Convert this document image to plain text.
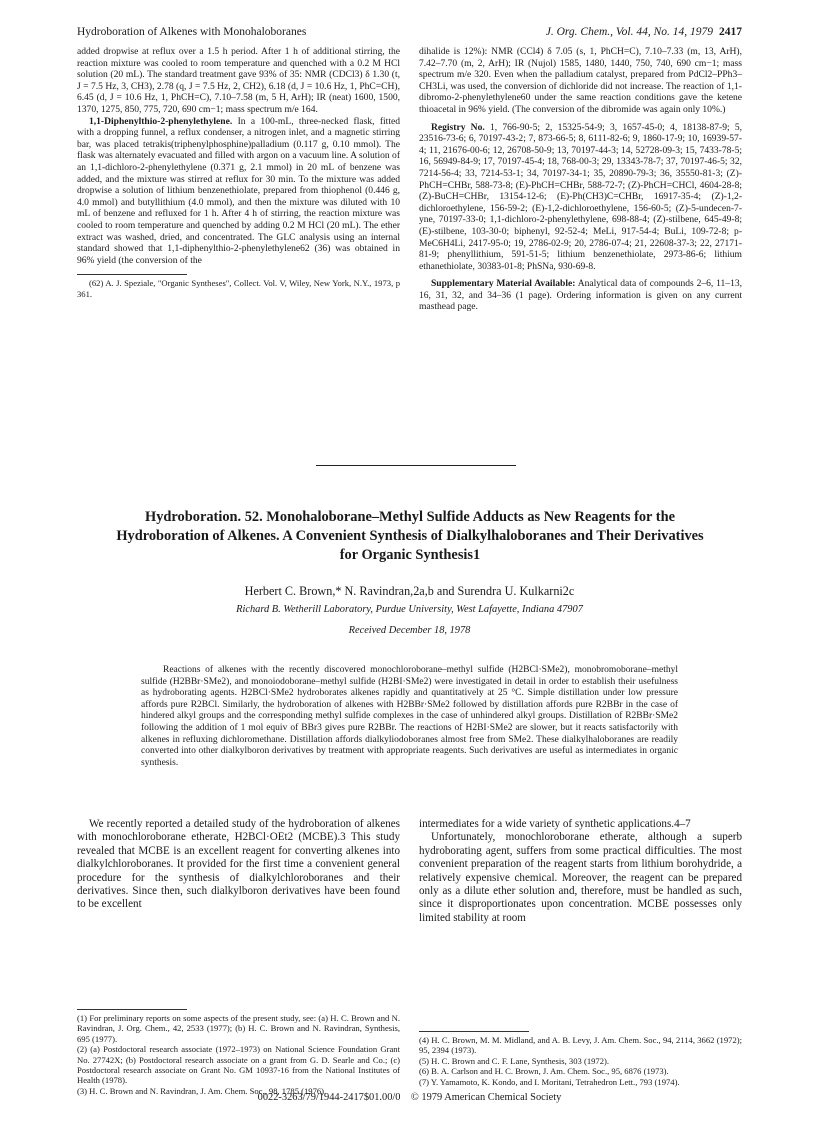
Hydroboration of Alkenes with Monohaloboranes	J. Org. Chem., Vol. 44, No. 14, 1979 2417

added dropwise at reflux over a 1.5 h period. After 1 h of additional stirring, the reaction mixture was cooled to room temperature and quenched with a 0.2 M HCl solution (20 mL). The standard treatment gave 93% of 35: NMR (CDCl3) δ 1.30 (t, J = 7.5 Hz, 3, CH3), 2.78 (q, J = 7.5 Hz, 2, CH2), 6.18 (d, J = 10.6 Hz, 1, PhC=CH), 6.45 (d, J = 10.6 Hz, 1, PhCH=C), 7.10–7.58 (m, 5 H, ArH); IR (neat) 1600, 1500, 1370, 1275, 850, 775, 720, 690 cm−1; mass spectrum m/e 164.

1,1-Diphenylthio-2-phenylethylene. In a 100-mL, three-necked flask, fitted with a dropping funnel, a reflux condenser, a nitrogen inlet, and a magnetic stirring bar, was placed tetrakis(triphenylphosphine)palladium (0.117 g, 0.10 mmol). The flask was alternately evacuated and filled with argon on a vacuum line. A solution of an 1,1-dichloro-2-phenylethylene (0.371 g, 2.1 mmol) in 20 mL of benzene was added, and the mixture was stirred at reflux for 30 min. To the mixture was added dropwise a solution of lithium benzenethiolate, prepared from thiophenol (0.446 g, 4.0 mmol) and butyllithium (4.0 mmol), and then the mixture was diluted with 10 mL of benzene and refluxed for 1 h. After 4 h of stirring, the reaction mixture was cooled to room temperature and quenched by adding 0.2 M HCl (20 mL). The ether extract was washed, dried, and concentrated. The GLC analysis using an internal standard showed that 1,1-diphenylthio-2-phenylethylene62 (36) was obtained in 96% yield (the conversion of the

(62) A. J. Speziale, "Organic Syntheses", Collect. Vol. V, Wiley, New York, N.Y., 1973, p 361.

dihalide is 12%): NMR (CCl4) δ 7.05 (s, 1, PhCH=C), 7.10–7.33 (m, 13, ArH), 7.42–7.70 (m, 2, ArH); IR (Nujol) 1585, 1480, 1440, 750, 740, 690 cm−1; mass spectrum m/e 320. Even when the palladium catalyst, prepared from PdCl2–PPh3–CH3Li, was used, the conversion of dichloride did not increase. The reaction of 1,1-dibromo-2-phenylethylene60 under the same reaction conditions gave the ketene thioacetal in 96% yield. (The conversion of the dibromide was again only 10%.)

Registry No. 1, 766-90-5; 2, 15325-54-9; 3, 1657-45-0; 4, 18138-87-9; 5, 23516-73-6; 6, 70197-43-2; 7, 873-66-5; 8, 6111-82-6; 9, 1860-17-9; 10, 16939-57-4; 11, 21676-00-6; 12, 26708-50-9; 13, 70197-44-3; 14, 52728-09-3; 15, 7433-78-5; 16, 56949-84-9; 17, 70197-45-4; 18, 768-00-3; 29, 13343-78-7; 37, 70197-46-5; 32, 7214-56-4; 33, 7214-53-1; 34, 70197-34-1; 35, 20890-79-3; 36, 35550-81-3; (Z)-PhCH=CHBr, 588-73-8; (E)-PhCH=CHBr, 588-72-7; (Z)-PhCH=CHCl, 4604-28-8; (Z)-BuCH=CHBr, 13154-12-6; (E)-Ph(CH3)C=CHBr, 16917-35-4; (Z)-1,2-dichloroethylene, 156-59-2; (E)-1,2-dichloroethylene, 156-60-5; (Z)-5-undecen-7-yne, 70197-33-0; 1,1-dichloro-2-phenylethylene, 698-88-4; (Z)-stilbene, 645-49-8; (E)-stilbene, 103-30-0; biphenyl, 92-52-4; MeLi, 917-54-4; BuLi, 109-72-8; p-MeC6H4Li, 2417-95-0; 19, 2786-02-9; 20, 2786-07-4; 21, 22608-37-3; 22, 27171-81-9; phenyllithium, 591-51-5; lithium benzenethiolate, 2973-86-6; lithium ethanethiolate, 30383-01-8; PhSNa, 930-69-8.

Supplementary Material Available: Analytical data of compounds 2–6, 11–13, 16, 31, 32, and 34–36 (1 page). Ordering information is given on any current masthead page.

Hydroboration. 52. Monohaloborane–Methyl Sulfide Adducts as New Reagents for the Hydroboration of Alkenes. A Convenient Synthesis of Dialkylhaloboranes and Their Derivatives for Organic Synthesis1
Herbert C. Brown,* N. Ravindran,2a,b and Surendra U. Kulkarni2c
Richard B. Wetherill Laboratory, Purdue University, West Lafayette, Indiana 47907
Received December 18, 1978

Reactions of alkenes with the recently discovered monochloroborane–methyl sulfide (H2BCl·SMe2), monobromoborane–methyl sulfide (H2BBr·SMe2), and monoiodoborane–methyl sulfide (H2BI·SMe2) were investigated in detail in order to establish their usefulness as hydroborating agents. H2BCl·SMe2 hydroborates alkenes rapidly and quantitatively at 25 °C. Simple distillation under low pressure affords pure R2BCl. Similarly, the hydroboration of alkenes with H2BBr·SMe2 followed by distillation affords pure R2BBr in the case of hindered alkyl groups and the corresponding methyl sulfide complexes in the case of unhindered alkyl groups. Distillation of R2BBr·SMe2 following the addition of 1 mol equiv of BBr3 gives pure R2BBr. The reactions of H2BI·SMe2 are slower, but it reacts satisfactorily with alkenes in refluxing dichloromethane. Distillation affords dialkyliodoboranes almost free from SMe2. These dialkylhaloboranes are readily converted into other dialkylboron derivatives by treatment with appropriate reagents. Such derivatives are useful as intermediates in organic synthesis.

We recently reported a detailed study of the hydroboration of alkenes with monochloroborane etherate, H2BCl·OEt2 (MCBE).3 This study revealed that MCBE is an excellent reagent for converting alkenes into dialkylchloroboranes. It provided for the first time a convenient general procedure for the synthesis of dialkylchloroboranes and their derivatives. Since then, such dialkylboron derivatives have been found to be excellent

intermediates for a wide variety of synthetic applications.4–7

Unfortunately, monochloroborane etherate, although a superb hydroborating agent, suffers from some practical difficulties. The most convenient preparation of the reagent starts from lithium borohydride, a relatively expensive chemical. Moreover, the reagent can be prepared only as a dilute ether solution and, therefore, must be handled as such, since it disproportionates upon concentration. MCBE possesses only limited stability at room

(1) For preliminary reports on some aspects of the present study, see: (a) H. C. Brown and N. Ravindran, J. Org. Chem., 42, 2533 (1977); (b) H. C. Brown and N. Ravindran, Synthesis, 695 (1977).

(2) (a) Postdoctoral research associate (1972–1973) on National Science Foundation Grant No. 27742X; (b) Postdoctoral research associate on a grant from G. D. Searle and Co.; (c) Postdoctoral research associate on Grant No. GM 10937-16 from the National Institutes of Health (1978).

(3) H. C. Brown and N. Ravindran, J. Am. Chem. Soc., 98, 1785 (1976).

(4) H. C. Brown, M. M. Midland, and A. B. Levy, J. Am. Chem. Soc., 94, 2114, 3662 (1972); 95, 2394 (1973).

(5) H. C. Brown and C. F. Lane, Synthesis, 303 (1972).

(6) B. A. Carlson and H. C. Brown, J. Am. Chem. Soc., 95, 6876 (1973).

(7) Y. Yamamoto, K. Kondo, and I. Moritani, Tetrahedron Lett., 793 (1974).

0022-3263/79/1944-2417$01.00/0 © 1979 American Chemical Society
